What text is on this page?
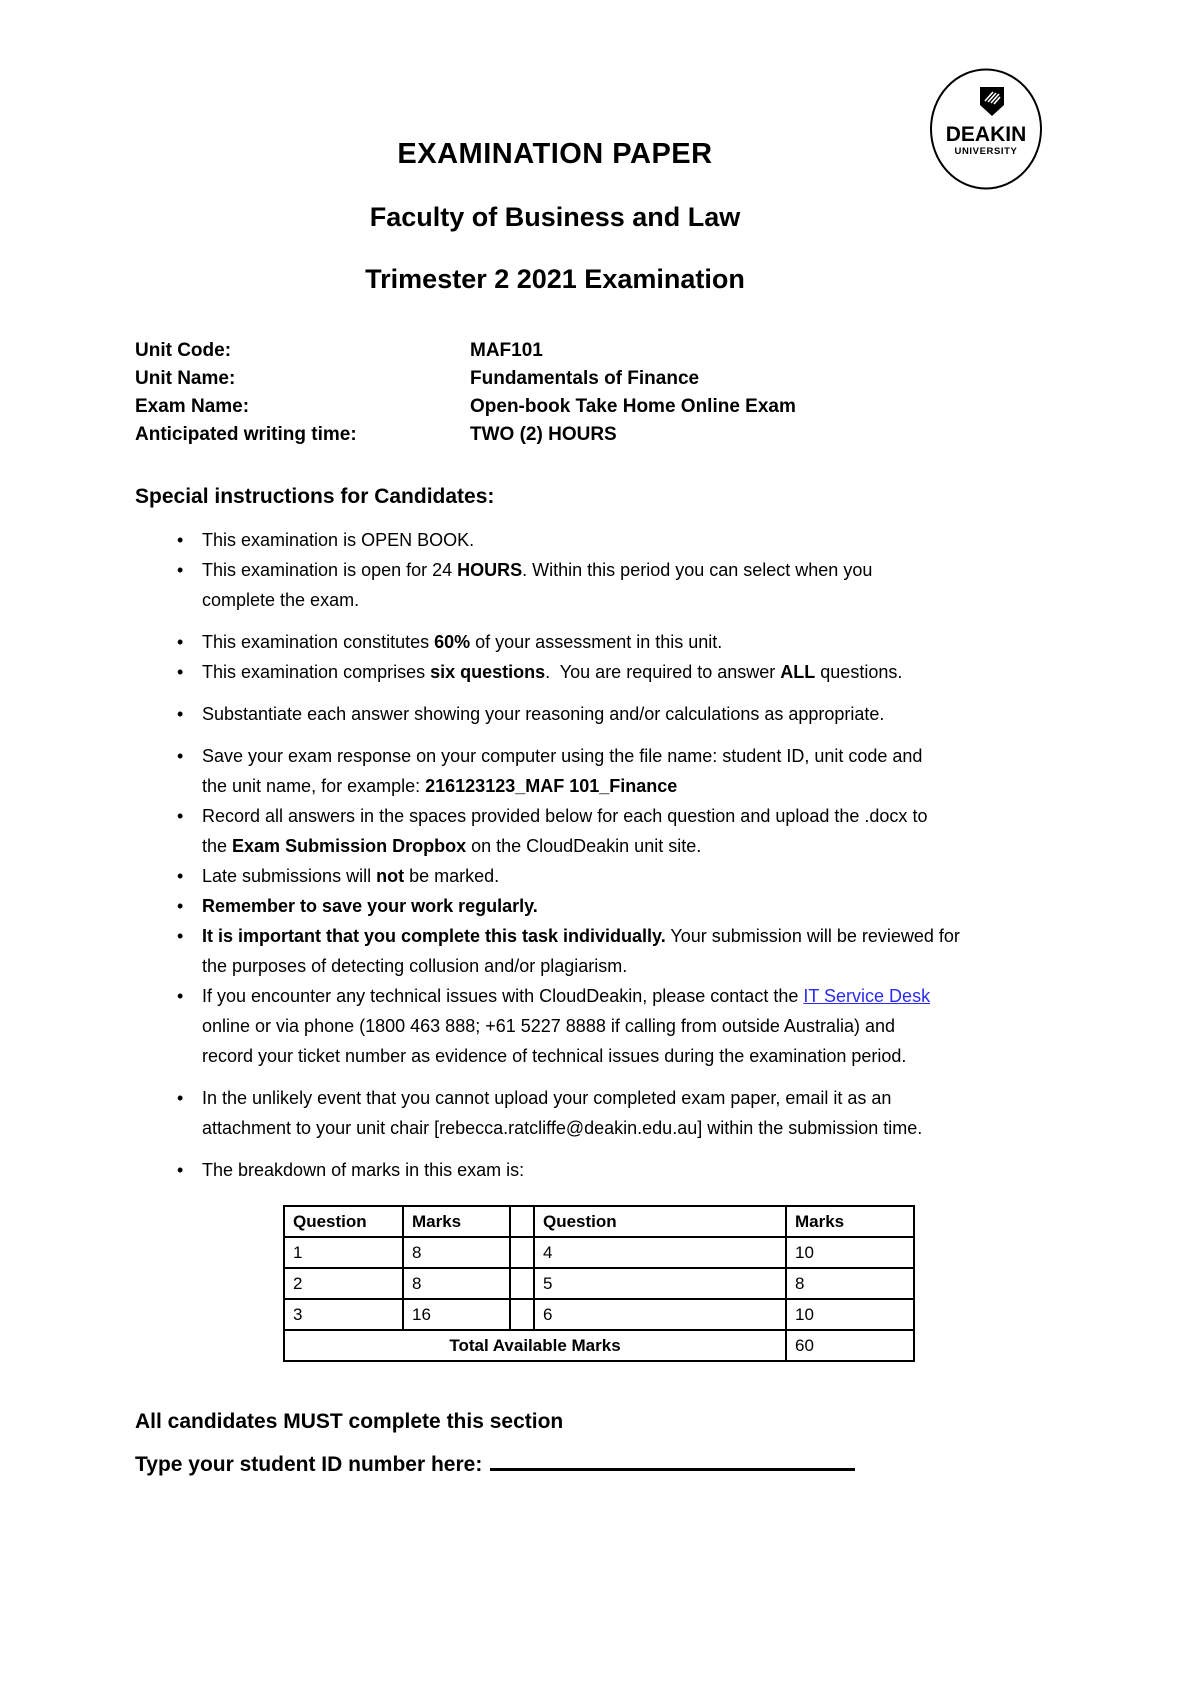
DEAKIN
UNIVERSITY
EXAMINATION PAPER
Faculty of Business and Law
Trimester 2 2021 Examination
Unit Code:	MAF101
Unit Name:	Fundamentals of Finance
Exam Name:	Open-book Take Home Online Exam
Anticipated writing time:	TWO (2) HOURS
Special instructions for Candidates:
• This examination is OPEN BOOK.
• This examination is open for 24 HOURS. Within this period you can select when you
complete the exam.
• This examination constitutes 60% of your assessment in this unit.
• This examination comprises six questions.  You are required to answer ALL questions.
• Substantiate each answer showing your reasoning and/or calculations as appropriate.
• Save your exam response on your computer using the file name: student ID, unit code and
the unit name, for example: 216123123_MAF 101_Finance
• Record all answers in the spaces provided below for each question and upload the .docx to
the Exam Submission Dropbox on the CloudDeakin unit site.
• Late submissions will not be marked.
• Remember to save your work regularly.
• It is important that you complete this task individually. Your submission will be reviewed for
the purposes of detecting collusion and/or plagiarism.
• If you encounter any technical issues with CloudDeakin, please contact the IT Service Desk
online or via phone (1800 463 888; +61 5227 8888 if calling from outside Australia) and
record your ticket number as evidence of technical issues during the examination period.
• In the unlikely event that you cannot upload your completed exam paper, email it as an
attachment to your unit chair [rebecca.ratcliffe@deakin.edu.au] within the submission time.
• The breakdown of marks in this exam is:
Question	Marks		Question	Marks
1	8		4	10
2	8		5	8
3	16		6	10
Total Available Marks				60
All candidates MUST complete this section
Type your student ID number here:
